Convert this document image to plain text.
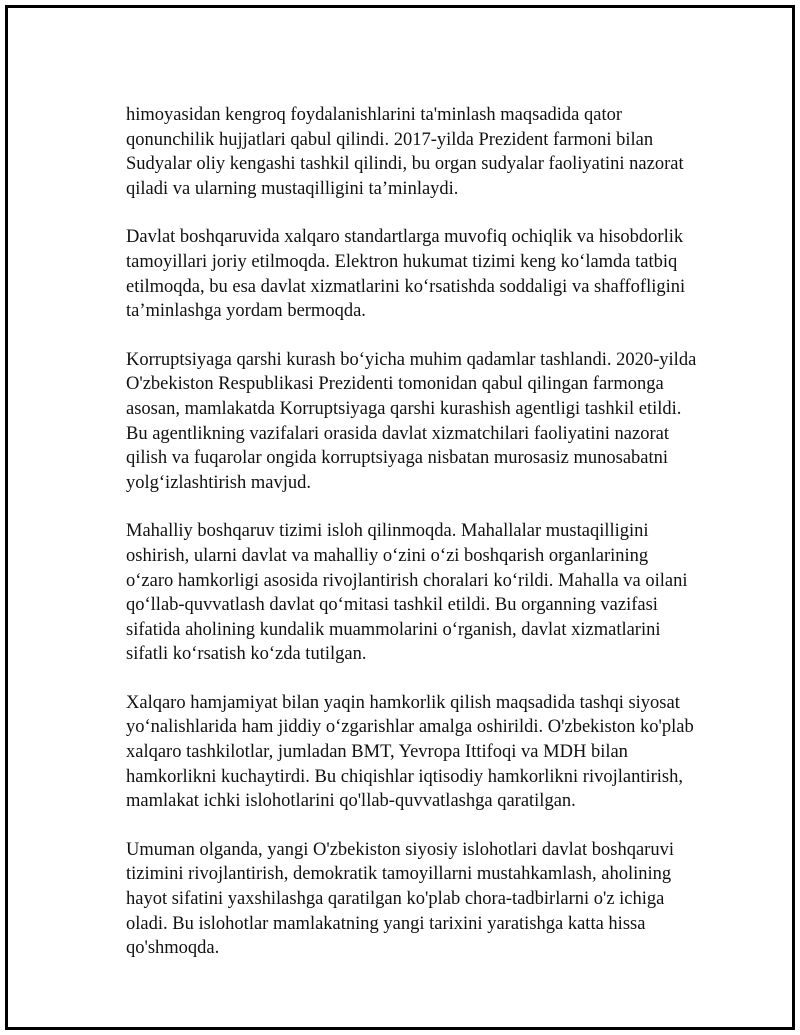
himoyasidan kengroq foydalanishlarini ta'minlash maqsadida qator
qonunchilik hujjatlari qabul qilindi. 2017-yilda Prezident farmoni bilan
Sudyalar oliy kengashi tashkil qilindi, bu organ sudyalar faoliyatini nazorat
qiladi va ularning mustaqilligini ta’minlaydi.

Davlat boshqaruvida xalqaro standartlarga muvofiq ochiqlik va hisobdorlik
tamoyillari joriy etilmoqda. Elektron hukumat tizimi keng koʻlamda tatbiq
etilmoqda, bu esa davlat xizmatlarini koʻrsatishda soddaligi va shaffofligini
ta’minlashga yordam bermoqda.

Korruptsiyaga qarshi kurash boʻyicha muhim qadamlar tashlandi. 2020-yilda
O'zbekiston Respublikasi Prezidenti tomonidan qabul qilingan farmonga
asosan, mamlakatda Korruptsiyaga qarshi kurashish agentligi tashkil etildi.
Bu agentlikning vazifalari orasida davlat xizmatchilari faoliyatini nazorat
qilish va fuqarolar ongida korruptsiyaga nisbatan murosasiz munosabatni
yolgʻizlashtirish mavjud.

Mahalliy boshqaruv tizimi isloh qilinmoqda. Mahallalar mustaqilligini
oshirish, ularni davlat va mahalliy oʻzini oʻzi boshqarish organlarining
oʻzaro hamkorligi asosida rivojlantirish choralari koʻrildi. Mahalla va oilani
qoʻllab-quvvatlash davlat qoʻmitasi tashkil etildi. Bu organning vazifasi
sifatida aholining kundalik muammolarini oʻrganish, davlat xizmatlarini
sifatli koʻrsatish koʻzda tutilgan.

Xalqaro hamjamiyat bilan yaqin hamkorlik qilish maqsadida tashqi siyosat
yoʻnalishlarida ham jiddiy oʻzgarishlar amalga oshirildi. O'zbekiston ko'plab
xalqaro tashkilotlar, jumladan BMT, Yevropa Ittifoqi va MDH bilan
hamkorlikni kuchaytirdi. Bu chiqishlar iqtisodiy hamkorlikni rivojlantirish,
mamlakat ichki islohotlarini qo'llab-quvvatlashga qaratilgan.

Umuman olganda, yangi O'zbekiston siyosiy islohotlari davlat boshqaruvi
tizimini rivojlantirish, demokratik tamoyillarni mustahkamlash, aholining
hayot sifatini yaxshilashga qaratilgan ko'plab chora-tadbirlarni o'z ichiga
oladi. Bu islohotlar mamlakatning yangi tarixini yaratishga katta hissa
qo'shmoqda.
